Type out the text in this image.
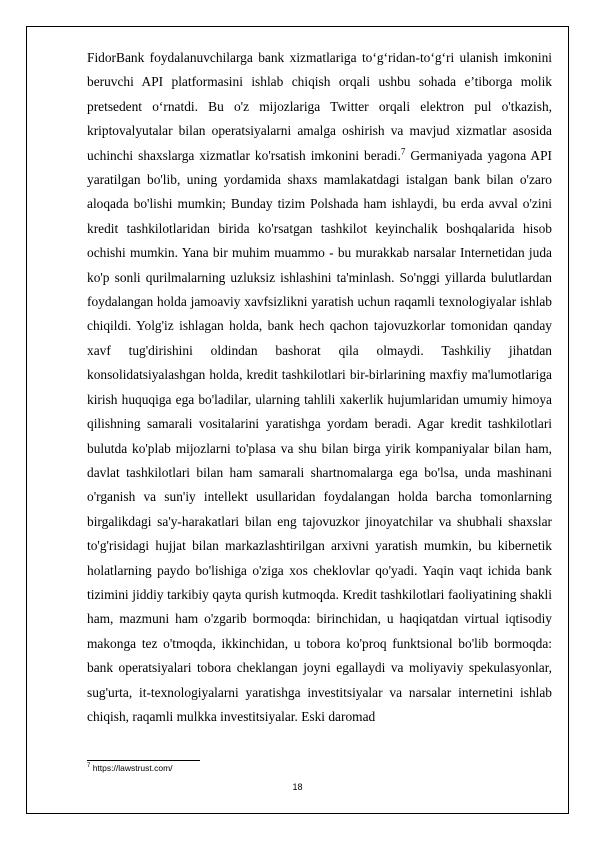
FidorBank foydalanuvchilarga bank xizmatlariga to‘g‘ridan-to‘g‘ri ulanish imkonini beruvchi API platformasini ishlab chiqish orqali ushbu sohada e’tiborga molik pretsedent o‘rnatdi. Bu o'z mijozlariga Twitter orqali elektron pul o'tkazish, kriptovalyutalar bilan operatsiyalarni amalga oshirish va mavjud xizmatlar asosida uchinchi shaxslarga xizmatlar ko'rsatish imkonini beradi.$^7$ Germaniyada yagona API yaratilgan bo'lib, uning yordamida shaxs mamlakatdagi istalgan bank bilan o'zaro aloqada bo'lishi mumkin; Bunday tizim Polshada ham ishlaydi, bu erda avval o'zini kredit tashkilotlaridan birida ko'rsatgan tashkilot keyinchalik boshqalarida hisob ochishi mumkin. Yana bir muhim muammo - bu murakkab narsalar Internetidan juda ko'p sonli qurilmalarning uzluksiz ishlashini ta'minlash. So'nggi yillarda bulutlardan foydalangan holda jamoaviy xavfsizlikni yaratish uchun raqamli texnologiyalar ishlab chiqildi. Yolg'iz ishlagan holda, bank hech qachon tajovuzkorlar tomonidan qanday xavf tug'dirishini oldindan bashorat qila olmaydi. Tashkiliy jihatdan konsolidatsiyalashgan holda, kredit tashkilotlari bir-birlarining maxfiy ma'lumotlariga kirish huquqiga ega bo'ladilar, ularning tahlili xakerlik hujumlaridan umumiy himoya qilishning samarali vositalarini yaratishga yordam beradi. Agar kredit tashkilotlari bulutda ko'plab mijozlarni to'plasa va shu bilan birga yirik kompaniyalar bilan ham, davlat tashkilotlari bilan ham samarali shartnomalarga ega bo'lsa, unda mashinani o'rganish va sun'iy intellekt usullaridan foydalangan holda barcha tomonlarning birgalikdagi sa'y-harakatlari bilan eng tajovuzkor jinoyatchilar va shubhali shaxslar to'g'risidagi hujjat bilan markazlashtirilgan arxivni yaratish mumkin, bu kibernetik holatlarning paydo bo'lishiga o'ziga xos cheklovlar qo'yadi. Yaqin vaqt ichida bank tizimini jiddiy tarkibiy qayta qurish kutmoqda. Kredit tashkilotlari faoliyatining shakli ham, mazmuni ham o'zgarib bormoqda: birinchidan, u haqiqatdan virtual iqtisodiy makonga tez o'tmoqda, ikkinchidan, u tobora ko'proq funktsional bo'lib bormoqda: bank operatsiyalari tobora cheklangan joyni egallaydi va moliyaviy spekulasyonlar, sug'urta, it-texnologiyalarni yaratishga investitsiyalar va narsalar internetini ishlab chiqish, raqamli mulkka investitsiyalar. Eski daromad

$^7$ https://lawstrust.com/

18
